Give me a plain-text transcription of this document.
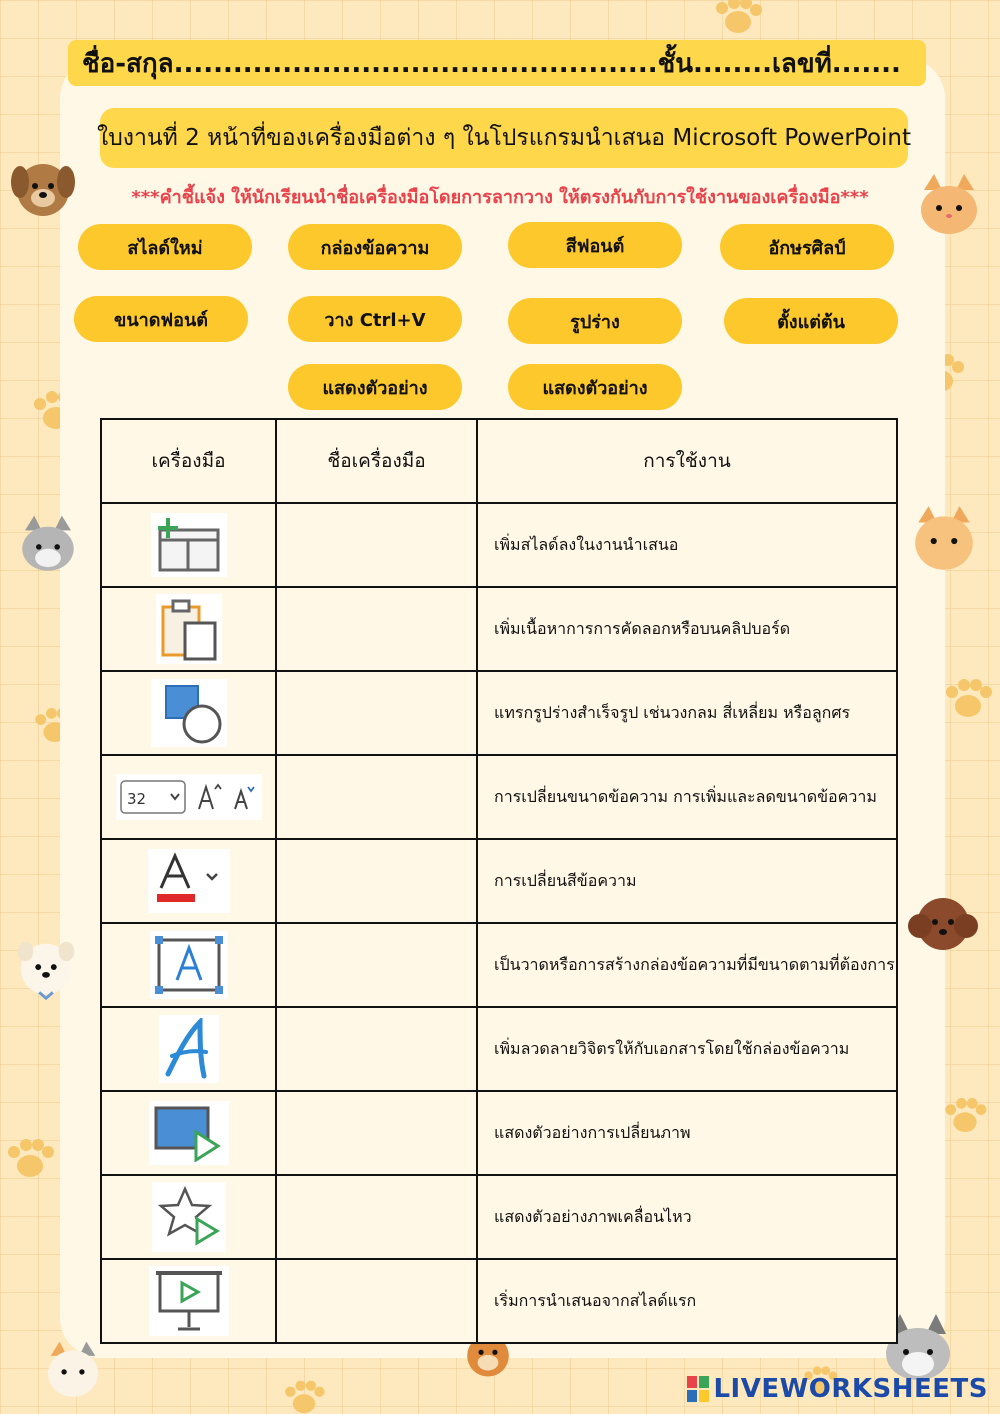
ชื่อ-สกุล.................................................ชั้น........เลขที่.......
ใบงานที่ 2 หน้าที่ของเครื่องมือต่าง ๆ ในโปรแกรมนำเสนอ Microsoft PowerPoint
***คำชี้แจ้ง ให้นักเรียนนำชื่อเครื่องมือโดยการลากวาง ให้ตรงกันกับการใช้งานของเครื่องมือ***
สไลด์ใหม่	กล่องข้อความ	สีฟอนต์	อักษรศิลป์
ขนาดฟอนต์	วาง Ctrl+V	รูปร่าง	ตั้งแต่ต้น
แสดงตัวอย่าง	แสดงตัวอย่าง
เครื่องมือ	ชื่อเครื่องมือ	การใช้งาน
		เพิ่มสไลด์ลงในงานนำเสนอ
		เพิ่มเนื้อหาการการคัดลอกหรือบนคลิปบอร์ด
		แทรกรูปร่างสำเร็จรูป เช่นวงกลม สี่เหลี่ยม หรือลูกศร

32		การเปลี่ยนขนาดข้อความ การเพิ่มและลดขนาดข้อความ
		การเปลี่ยนสีข้อความ
		เป็นวาดหรือการสร้างกล่องข้อความที่มีขนาดตามที่ต้องการ
		เพิ่มลวดลายวิจิตรให้กับเอกสารโดยใช้กล่องข้อความ
		แสดงตัวอย่างการเปลี่ยนภาพ
		แสดงตัวอย่างภาพเคลื่อนไหว
		เริ่มการนำเสนอจากสไลด์แรก
LIVEWORKSHEETS
